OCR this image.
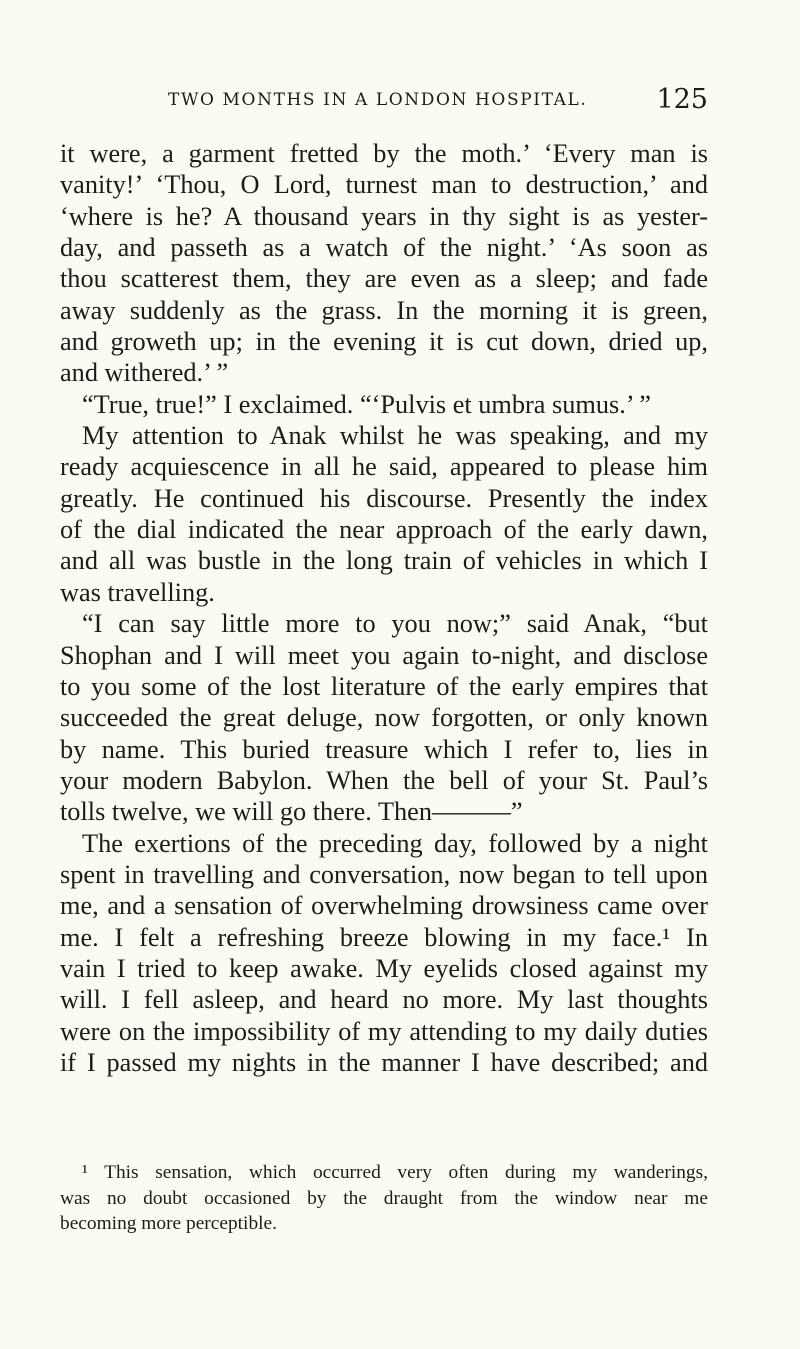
TWO MONTHS IN A LONDON HOSPITAL.	125
it were, a garment fretted by the moth.’ ‘Every man is
vanity!’ ‘Thou, O Lord, turnest man to destruction,’ and
‘where is he? A thousand years in thy sight is as yester-
day, and passeth as a watch of the night.’ ‘As soon as
thou scatterest them, they are even as a sleep; and fade
away suddenly as the grass. In the morning it is green,
and groweth up; in the evening it is cut down, dried up,
and withered.’ ”
“True, true!” I exclaimed. “‘Pulvis et umbra sumus.’ ”
My attention to Anak whilst he was speaking, and my
ready acquiescence in all he said, appeared to please him
greatly. He continued his discourse. Presently the index
of the dial indicated the near approach of the early dawn,
and all was bustle in the long train of vehicles in which I
was travelling.
“I can say little more to you now;” said Anak, “but
Shophan and I will meet you again to-night, and disclose
to you some of the lost literature of the early empires that
succeeded the great deluge, now forgotten, or only known
by name. This buried treasure which I refer to, lies in
your modern Babylon. When the bell of your St. Paul’s
tolls twelve, we will go there. Then———”
The exertions of the preceding day, followed by a night
spent in travelling and conversation, now began to tell upon
me, and a sensation of overwhelming drowsiness came over
me. I felt a refreshing breeze blowing in my face.¹ In
vain I tried to keep awake. My eyelids closed against my
will. I fell asleep, and heard no more. My last thoughts
were on the impossibility of my attending to my daily duties
if I passed my nights in the manner I have described; and
¹ This sensation, which occurred very often during my wanderings,
was no doubt occasioned by the draught from the window near me
becoming more perceptible.
